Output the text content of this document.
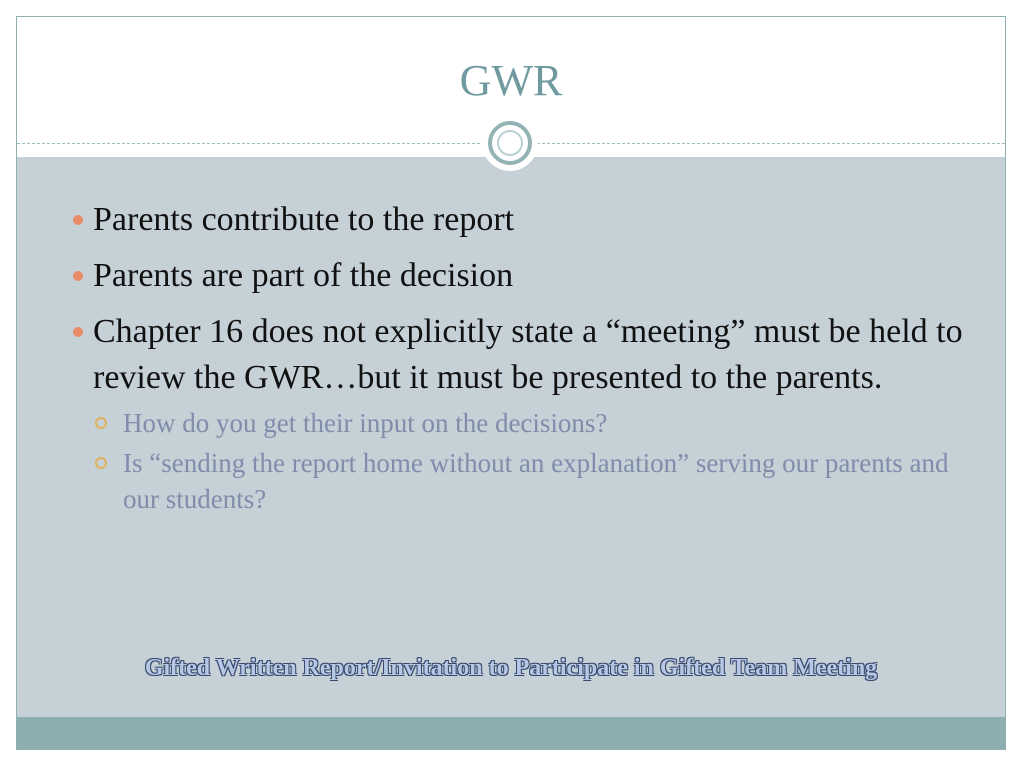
GWR
Parents contribute to the report
Parents are part of the decision
Chapter 16 does not explicitly state a “meeting” must be held to review the GWR…but it must be presented to the parents.
How do you get their input on the decisions?
Is “sending the report home without an explanation” serving our parents and our students?
Gifted Written Report/Invitation to Participate in Gifted Team Meeting
